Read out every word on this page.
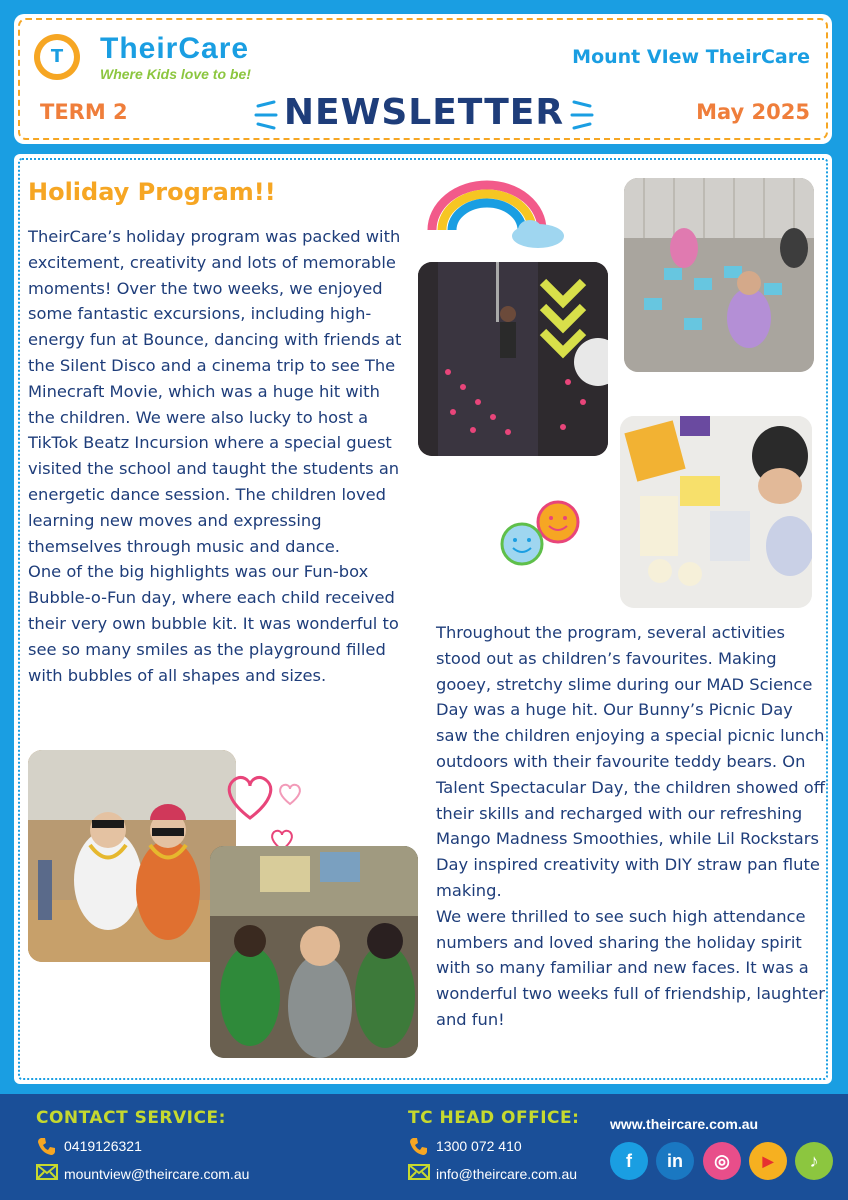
T	TheirCare
Where Kids love to be!
Mount VIew TheirCare
TERM 2	NEWSLETTER	May 2025
Holiday Program!!

TheirCare’s holiday program was packed with excitement, creativity and lots of memorable moments! Over the two weeks, we enjoyed some fantastic excursions, including high-energy fun at Bounce, dancing with friends at the Silent Disco and a cinema trip to see The Minecraft Movie, which was a huge hit with the children. We were also lucky to host a TikTok Beatz Incursion where a special guest visited the school and taught the students an energetic dance session. The children loved learning new moves and expressing themselves through music and dance.

One of the big highlights was our Fun-box Bubble-o-Fun day, where each child received their very own bubble kit. It was wonderful to see so many smiles as the playground filled with bubbles of all shapes and sizes.

Throughout the program, several activities stood out as children’s favourites. Making gooey, stretchy slime during our MAD Science Day was a huge hit. Our Bunny’s Picnic Day saw the children enjoying a special picnic lunch outdoors with their favourite teddy bears. On Talent Spectacular Day, the children showed off their skills and recharged with our refreshing Mango Madness Smoothies, while Lil Rockstars Day inspired creativity with DIY straw pan flute making.

We were thrilled to see such high attendance numbers and loved sharing the holiday spirit with so many familiar and new faces. It was a wonderful two weeks full of friendship, laughter and fun!

CONTACT SERVICE:
0419126321
mountview@theircare.com.au
TC HEAD OFFICE:
1300 072 410
info@theircare.com.au
www.theircare.com.au
f	in	◎	▶	♪
